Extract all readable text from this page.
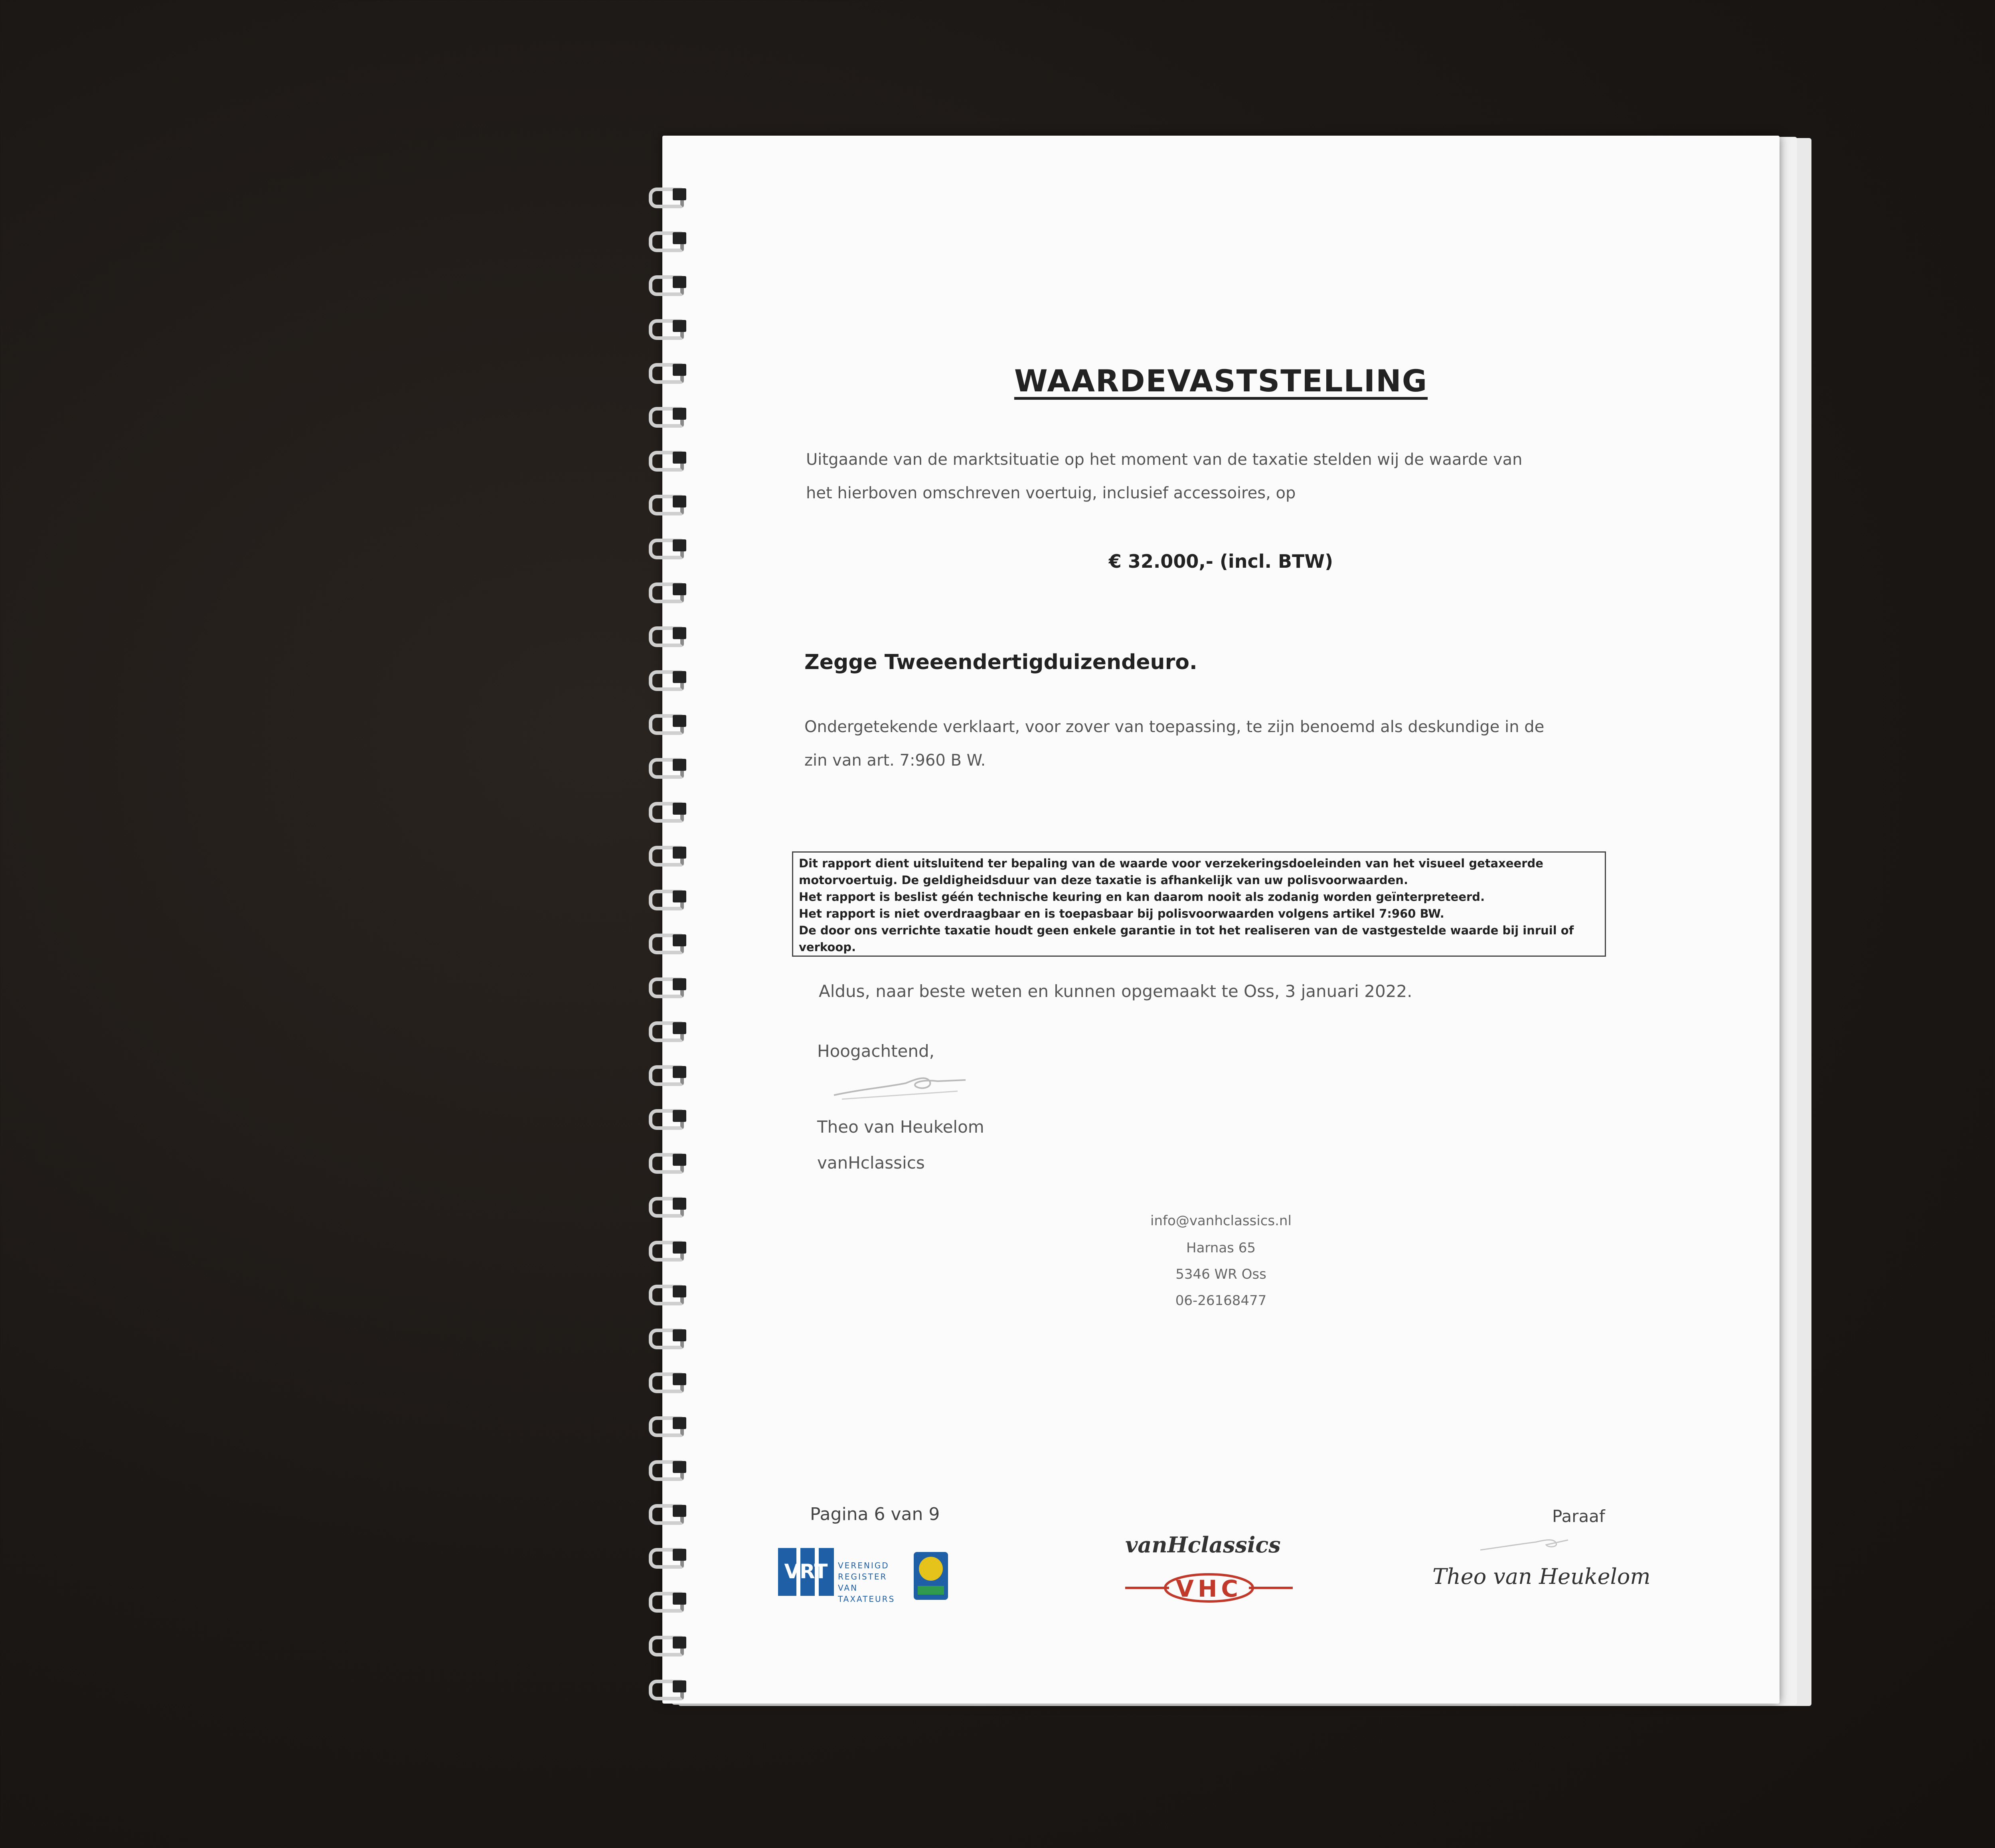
WAARDEVASTSTELLING
Uitgaande van de marktsituatie op het moment van de taxatie stelden wij de waarde van
het hierboven omschreven voertuig, inclusief accessoires, op
€ 32.000,- (incl. BTW)
Zegge Tweeendertigduizendeuro.
Ondergetekende verklaart, voor zover van toepassing, te zijn benoemd als deskundige in de
zin van art. 7:960 B W.
Dit rapport dient uitsluitend ter bepaling van de waarde voor verzekeringsdoeleinden van het visueel getaxeerde
motorvoertuig. De geldigheidsduur van deze taxatie is afhankelijk van uw polisvoorwaarden.
Het rapport is beslist géén technische keuring en kan daarom nooit als zodanig worden geïnterpreteerd.
Het rapport is niet overdraagbaar en is toepasbaar bij polisvoorwaarden volgens artikel 7:960 BW.
De door ons verrichte taxatie houdt geen enkele garantie in tot het realiseren van de vastgestelde waarde bij inruil of
verkoop.
Aldus, naar beste weten en kunnen opgemaakt te Oss, 3 januari 2022.
Hoogachtend,
Theo van Heukelom
vanHclassics
info@vanhclassics.nl
Harnas 65
5346 WR Oss
06-26168477
Pagina 6 van 9	Paraaf
Theo van Heukelom
vanHclassics
VHC
VRT	VERENIGD REGISTER VAN TAXATEURS
